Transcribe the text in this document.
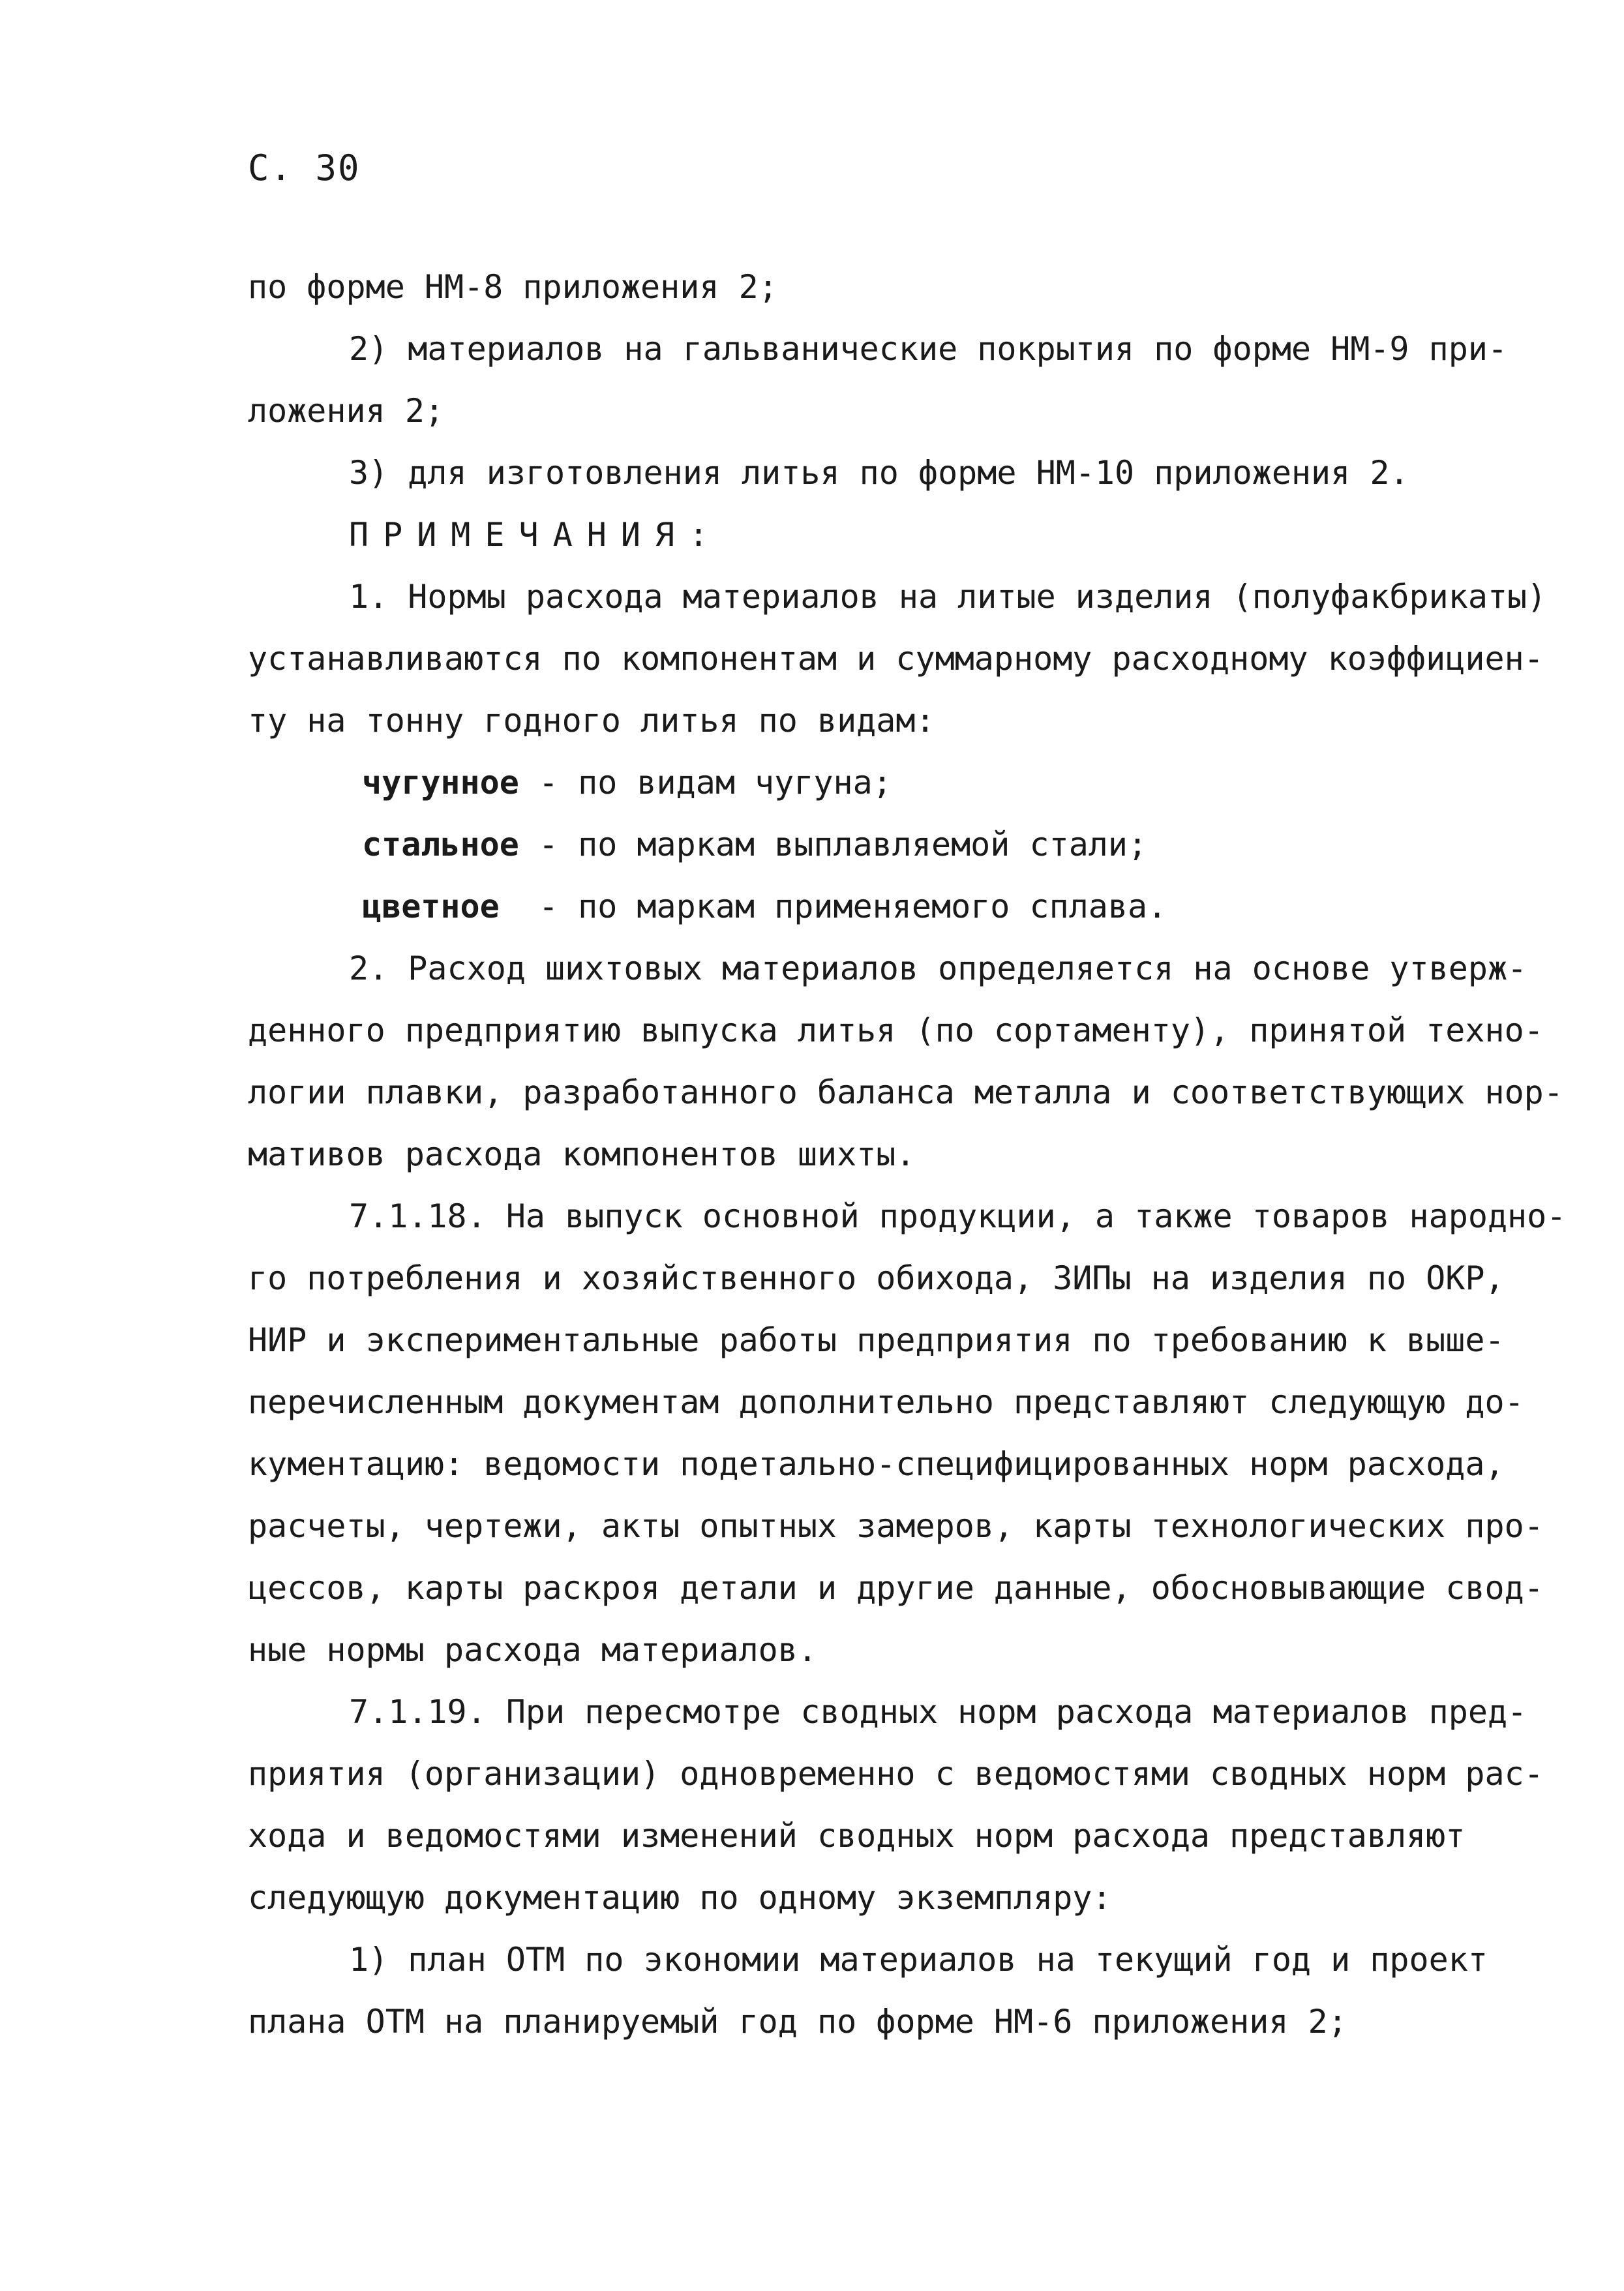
С. 30
по форме НМ-8 приложения 2;
2) материалов на гальванические покрытия по форме НМ-9 при-
ложения 2;
3) для изготовления литья по форме НМ-10 приложения 2.
ПРИМЕЧАНИЯ:
1. Нормы расхода материалов на литые изделия (полуфакбрикаты)
устанавливаются по компонентам и суммарному расходному коэффициен-
ту на тонну годного литья по видам:
чугунное - по видам чугуна;
стальное - по маркам выплавляемой стали;
цветное  - по маркам применяемого сплава.
2. Расход шихтовых материалов определяется на основе утверж-
денного предприятию выпуска литья (по сортаменту), принятой техно-
логии плавки, разработанного баланса металла и соответствующих нор-
мативов расхода компонентов шихты.
7.1.18. На выпуск основной продукции, а также товаров народно-
го потребления и хозяйственного обихода, ЗИПы на изделия по ОКР,
НИР и экспериментальные работы предприятия по требованию к выше-
перечисленным документам дополнительно представляют следующую до-
кументацию: ведомости подетально-специфицированных норм расхода,
расчеты, чертежи, акты опытных замеров, карты технологических про-
цессов, карты раскроя детали и другие данные, обосновывающие свод-
ные нормы расхода материалов.
7.1.19. При пересмотре сводных норм расхода материалов пред-
приятия (организации) одновременно с ведомостями сводных норм рас-
хода и ведомостями изменений сводных норм расхода представляют
следующую документацию по одному экземпляру:
1) план ОТМ по экономии материалов на текущий год и проект
плана ОТМ на планируемый год по форме НМ-6 приложения 2;
